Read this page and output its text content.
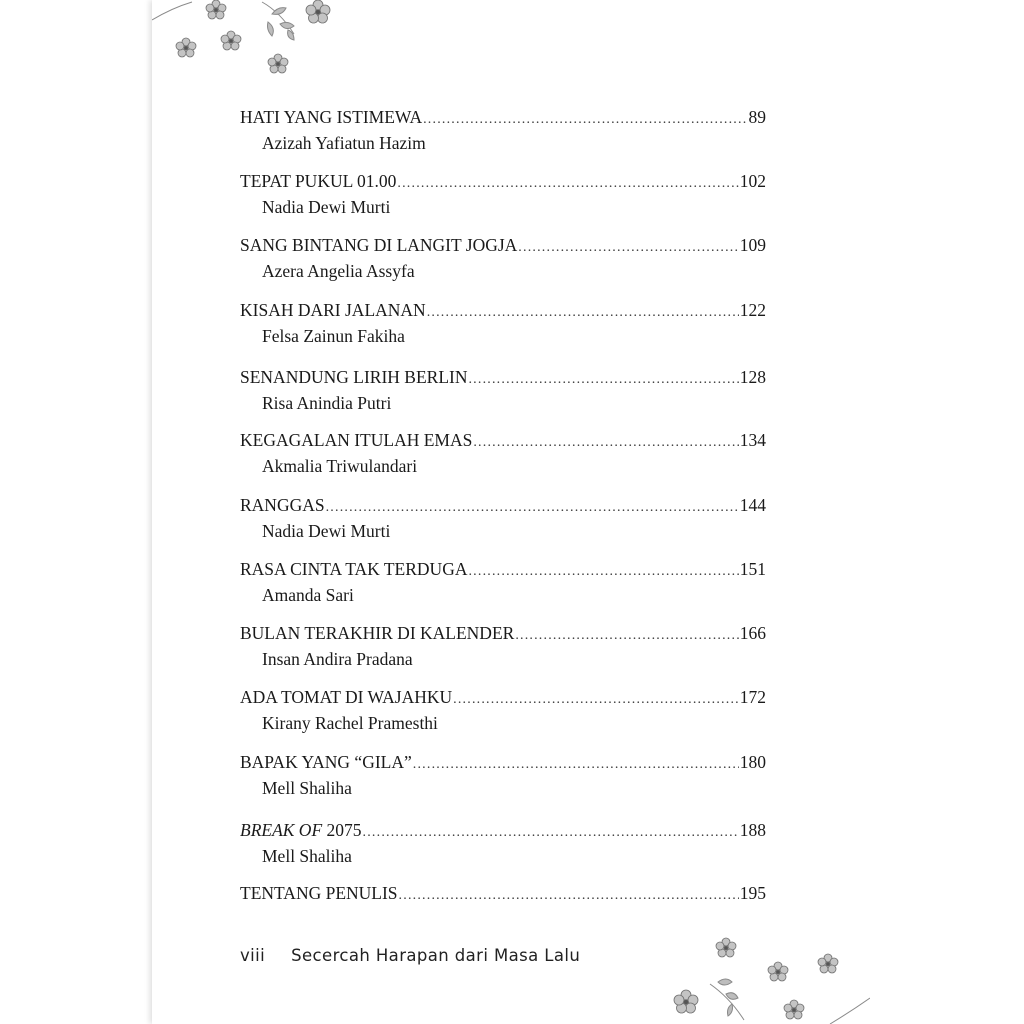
HATI YANG ISTIMEWA .....	89
Azizah Yafiatun Hazim
TEPAT PUKUL 01.00 .....	102
Nadia Dewi Murti
SANG BINTANG DI LANGIT JOGJA .....	109
Azera Angelia Assyfa
KISAH DARI JALANAN .....	122
Felsa Zainun Fakiha
SENANDUNG LIRIH BERLIN .....	128
Risa Anindia Putri
KEGAGALAN ITULAH EMAS .....	134
Akmalia Triwulandari
RANGGAS .....	144
Nadia Dewi Murti
RASA CINTA TAK TERDUGA .....	151
Amanda Sari
BULAN TERAKHIR DI KALENDER .....	166
Insan Andira Pradana
ADA TOMAT DI WAJAHKU .....	172
Kirany Rachel Pramesthi
BAPAK YANG “GILA” .....	180
Mell Shaliha
BREAK OF 2075 .....	188
Mell Shaliha
TENTANG PENULIS .....	195
viii Secercah Harapan dari Masa Lalu
